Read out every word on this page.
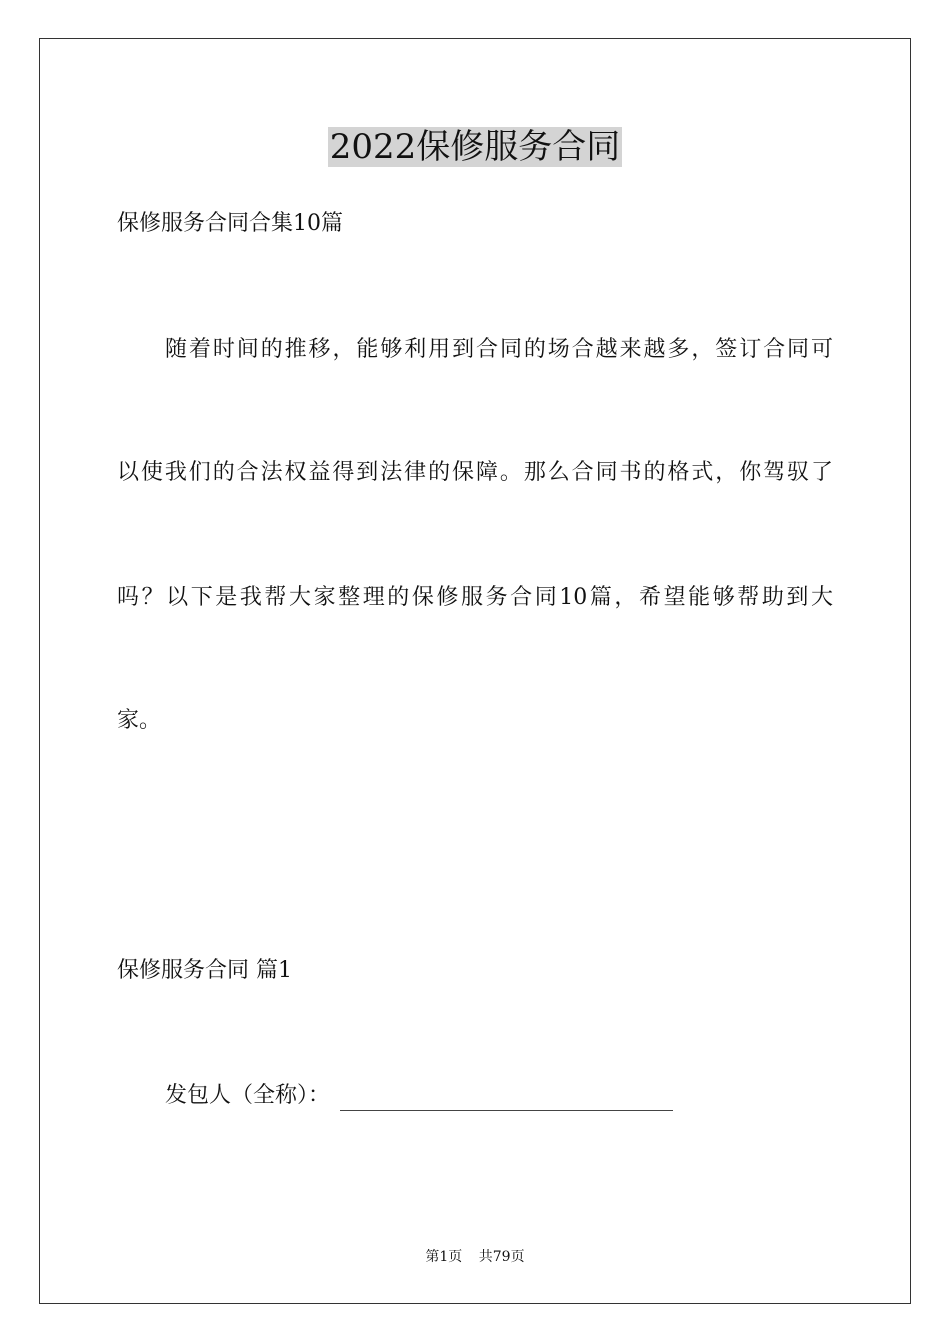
2022保修服务合同
保修服务合同合集10篇
随着时间的推移，能够利用到合同的场合越来越多，签订合同可
以使我们的合法权益得到法律的保障。那么合同书的格式，你驾驭了
吗？以下是我帮大家整理的保修服务合同10篇，希望能够帮助到大
家。
保修服务合同 篇1
发包人（全称）：
第1页 共79页
